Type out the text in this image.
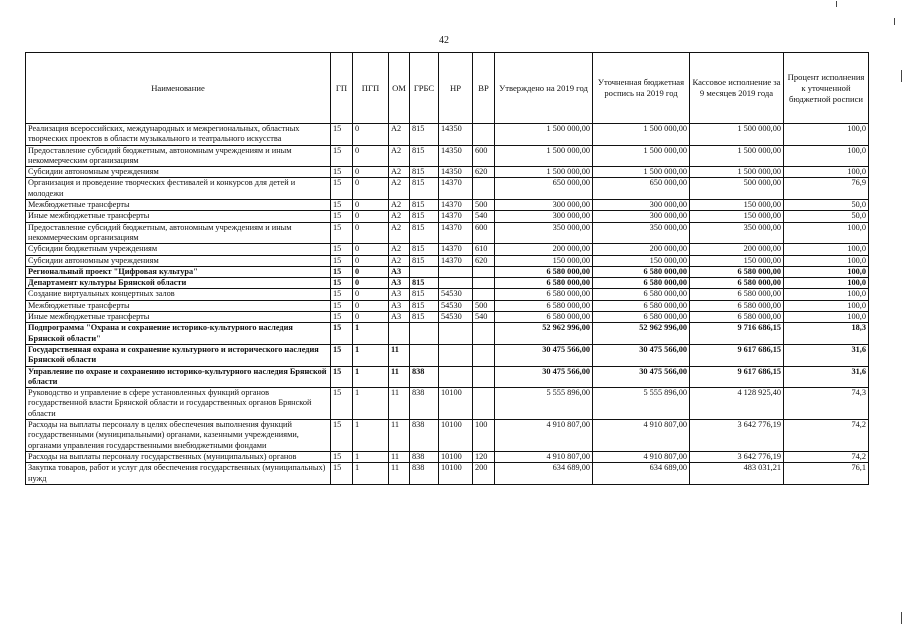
42
Наименование	ГП	ПГП	ОМ	ГРБС	НР	ВР	Утверждено на 2019 год	Уточненная бюджетная роспись на 2019 год	Кассовое исполнение за 9 месяцев 2019 года	Процент исполнения к уточненной бюджетной росписи
Реализация всероссийских, международных и межрегиональных, областных творческих проектов в области музыкального и театрального искусства	15	0	А2	815	14350		1 500 000,00	1 500 000,00	1 500 000,00	100,0
Предоставление субсидий бюджетным, автономным учреждениям и иным некоммерческим организациям	15	0	А2	815	14350	600	1 500 000,00	1 500 000,00	1 500 000,00	100,0
Субсидии автономным учреждениям	15	0	А2	815	14350	620	1 500 000,00	1 500 000,00	1 500 000,00	100,0
Организация и проведение творческих фестивалей и конкурсов для детей и молодежи	15	0	А2	815	14370		650 000,00	650 000,00	500 000,00	76,9
Межбюджетные трансферты	15	0	А2	815	14370	500	300 000,00	300 000,00	150 000,00	50,0
Иные межбюджетные трансферты	15	0	А2	815	14370	540	300 000,00	300 000,00	150 000,00	50,0
Предоставление субсидий бюджетным, автономным учреждениям и иным некоммерческим организациям	15	0	А2	815	14370	600	350 000,00	350 000,00	350 000,00	100,0
Субсидии бюджетным учреждениям	15	0	А2	815	14370	610	200 000,00	200 000,00	200 000,00	100,0
Субсидии автономным учреждениям	15	0	А2	815	14370	620	150 000,00	150 000,00	150 000,00	100,0
Региональный проект "Цифровая культура"	15	0	А3				6 580 000,00	6 580 000,00	6 580 000,00	100,0
Департамент культуры Брянской области	15	0	А3	815			6 580 000,00	6 580 000,00	6 580 000,00	100,0
Создание виртуальных концертных залов	15	0	А3	815	54530		6 580 000,00	6 580 000,00	6 580 000,00	100,0
Межбюджетные трансферты	15	0	А3	815	54530	500	6 580 000,00	6 580 000,00	6 580 000,00	100,0
Иные межбюджетные трансферты	15	0	А3	815	54530	540	6 580 000,00	6 580 000,00	6 580 000,00	100,0
Подпрограмма "Охрана и сохранение историко-культурного наследия Брянской области"	15	1					52 962 996,00	52 962 996,00	9 716 686,15	18,3
Государственная охрана и сохранение культурного и исторического наследия Брянской области	15	1	11				30 475 566,00	30 475 566,00	9 617 686,15	31,6
Управление по охране и сохранению историко-культурного наследия Брянской области	15	1	11	838			30 475 566,00	30 475 566,00	9 617 686,15	31,6
Руководство и управление в сфере установленных функций органов государственной власти Брянской области и государственных органов Брянской области	15	1	11	838	10100		5 555 896,00	5 555 896,00	4 128 925,40	74,3
Расходы на выплаты персоналу в целях обеспечения выполнения функций государственными (муниципальными) органами, казенными учреждениями, органами управления государственными внебюджетными фондами	15	1	11	838	10100	100	4 910 807,00	4 910 807,00	3 642 776,19	74,2
Расходы на выплаты персоналу государственных (муниципальных) органов	15	1	11	838	10100	120	4 910 807,00	4 910 807,00	3 642 776,19	74,2
Закупка товаров, работ и услуг для обеспечения государственных (муниципальных) нужд	15	1	11	838	10100	200	634 689,00	634 689,00	483 031,21	76,1
